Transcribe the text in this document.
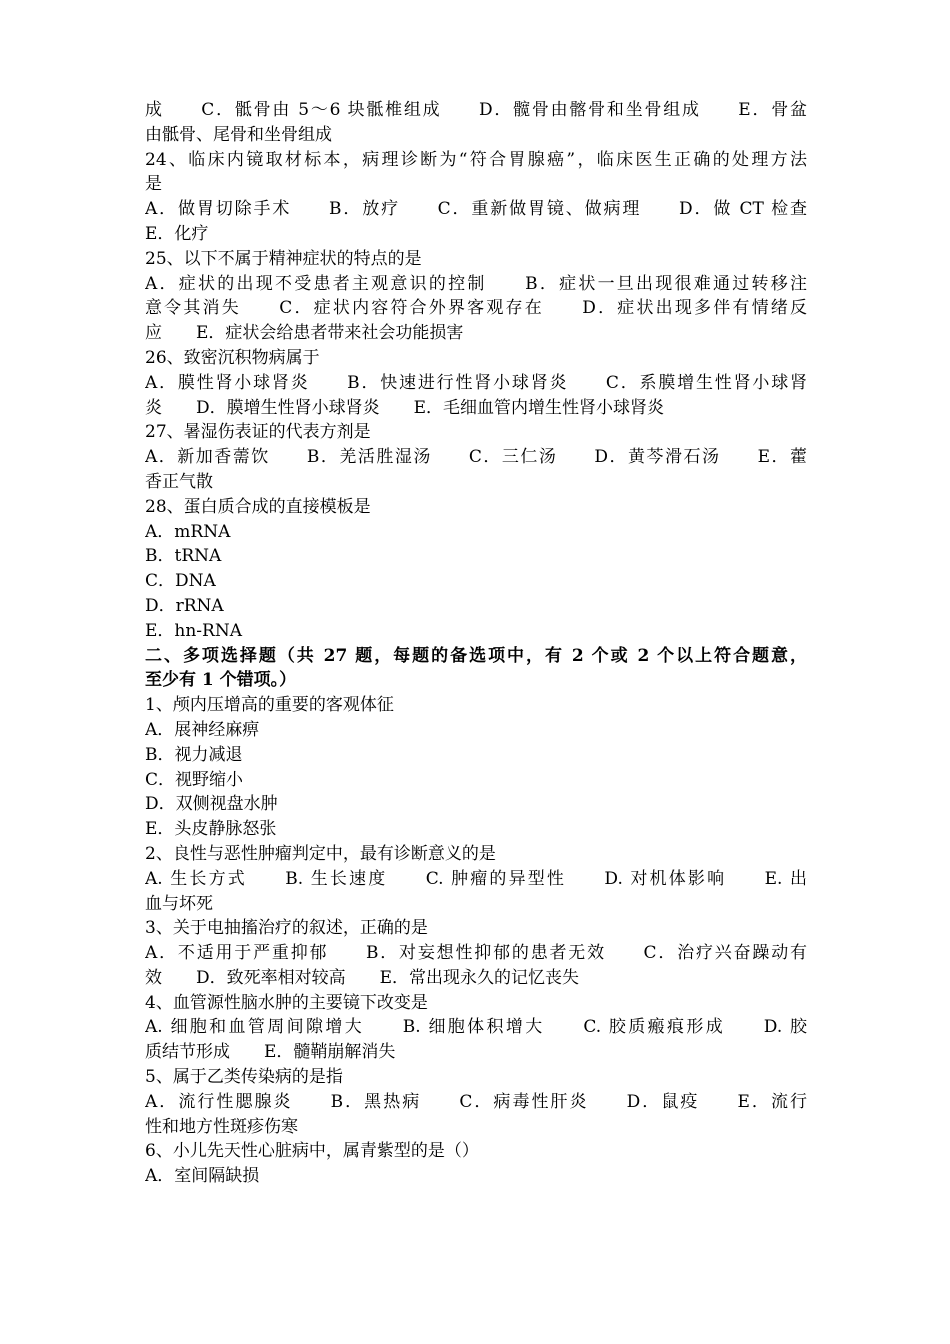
成　　C．骶骨由 5～6 块骶椎组成　　D．髋骨由髂骨和坐骨组成　　E．骨盆
由骶骨、尾骨和坐骨组成
24、临床内镜取材标本，病理诊断为“符合胃腺癌”，临床医生正确的处理方法
是
A．做胃切除手术　　B．放疗　　C．重新做胃镜、做病理　　D．做 CT 检查
E．化疗
25、以下不属于精神症状的特点的是
A．症状的出现不受患者主观意识的控制　　B．症状一旦出现很难通过转移注
意令其消失　　C．症状内容符合外界客观存在　　D．症状出现多伴有情绪反
应　　E．症状会给患者带来社会功能损害
26、致密沉积物病属于
A．膜性肾小球肾炎　　B．快速进行性肾小球肾炎　　C．系膜增生性肾小球肾
炎　　D．膜增生性肾小球肾炎　　E．毛细血管内增生性肾小球肾炎
27、暑湿伤表证的代表方剂是
A．新加香薷饮　　B．羌活胜湿汤　　C．三仁汤　　D．黄芩滑石汤　　E．藿
香正气散
28、蛋白质合成的直接模板是
A．mRNA
B．tRNA
C．DNA
D．rRNA
E．hn-RNA
二、多项选择题（共 27 题，每题的备选项中，有 2 个或 2 个以上符合题意，
至少有 1 个错项。）
1、颅内压增高的重要的客观体征
A．展神经麻痹
B．视力减退
C．视野缩小
D．双侧视盘水肿
E．头皮静脉怒张
2、良性与恶性肿瘤判定中，最有诊断意义的是
A. 生长方式　　B. 生长速度　　C. 肿瘤的异型性　　D. 对机体影响　　E. 出
血与坏死
3、关于电抽搐治疗的叙述，正确的是
A．不适用于严重抑郁　　B．对妄想性抑郁的患者无效　　C．治疗兴奋躁动有
效　　D．致死率相对较高　　E．常出现永久的记忆丧失
4、血管源性脑水肿的主要镜下改变是
A. 细胞和血管周间隙增大　　B. 细胞体积增大　　C. 胶质瘢痕形成　　D. 胶
质结节形成　　E．髓鞘崩解消失
5、属于乙类传染病的是指
A．流行性腮腺炎　　B．黑热病　　C．病毒性肝炎　　D．鼠疫　　E．流行
性和地方性斑疹伤寒
6、小儿先天性心脏病中，属青紫型的是（）
A．室间隔缺损
